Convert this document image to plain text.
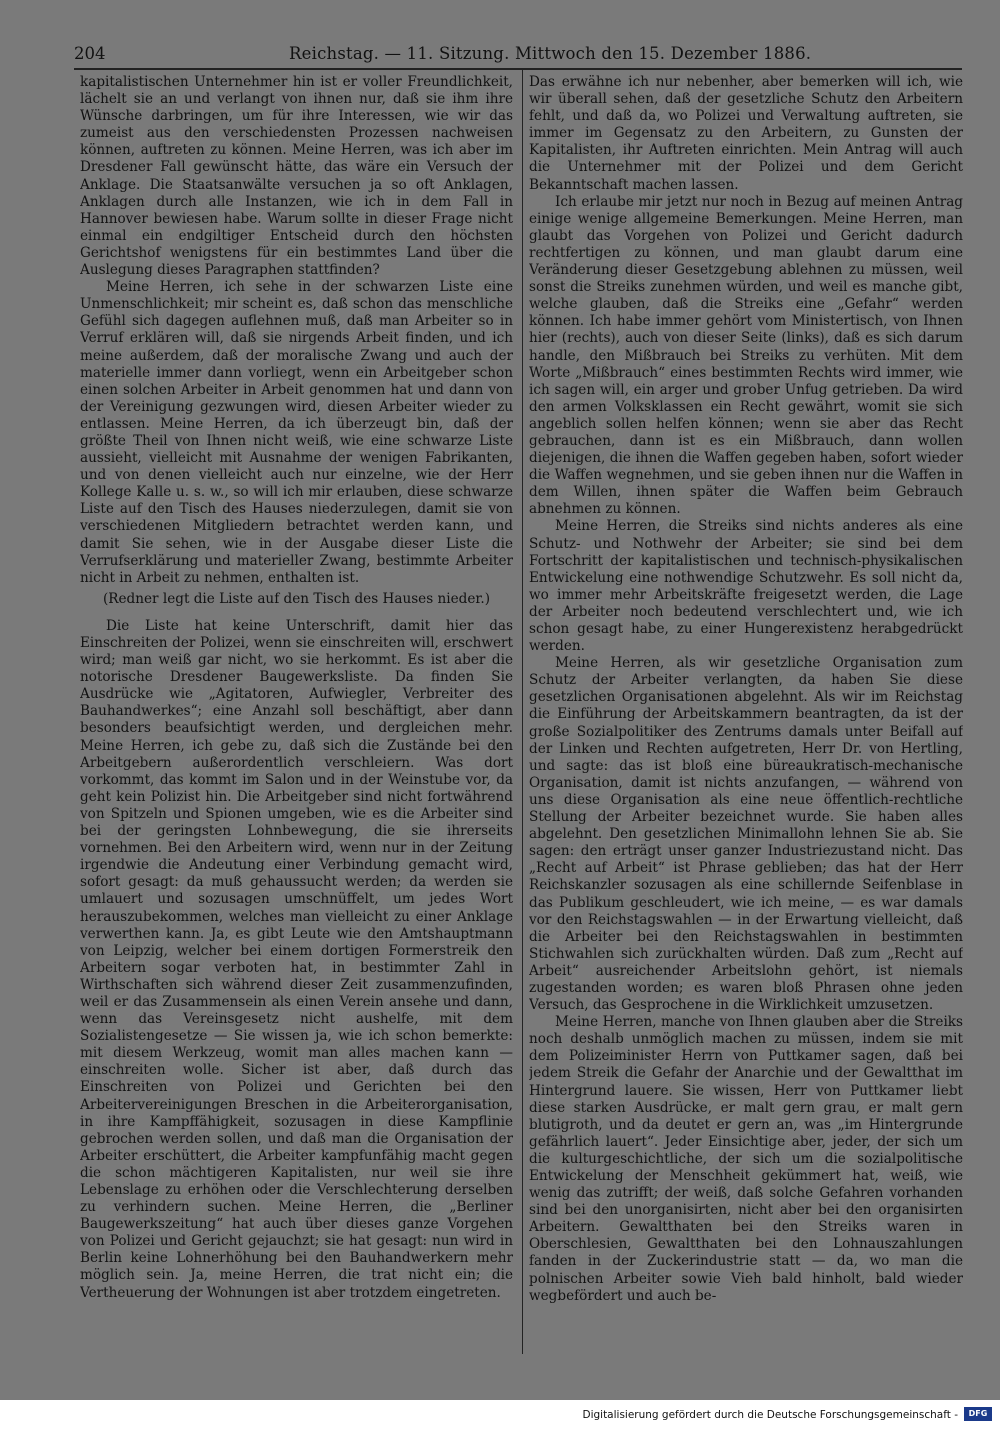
204	Reichstag. — 11. Sitzung. Mittwoch den 15. Dezember 1886.

kapitalistischen Unternehmer hin ist er voller Freundlichkeit, lächelt sie an und verlangt von ihnen nur, daß sie ihm ihre Wünsche darbringen, um für ihre Interessen, wie wir das zumeist aus den verschiedensten Prozessen nachweisen können, auftreten zu können. Meine Herren, was ich aber im Dresdener Fall gewünscht hätte, das wäre ein Versuch der Anklage. Die Staatsanwälte versuchen ja so oft Anklagen, Anklagen durch alle Instanzen, wie ich in dem Fall in Hannover bewiesen habe. Warum sollte in dieser Frage nicht einmal ein endgiltiger Entscheid durch den höchsten Gerichtshof wenigstens für ein bestimmtes Land über die Auslegung dieses Paragraphen stattfinden?

Meine Herren, ich sehe in der schwarzen Liste eine Unmenschlichkeit; mir scheint es, daß schon das menschliche Gefühl sich dagegen auflehnen muß, daß man Arbeiter so in Verruf erklären will, daß sie nirgends Arbeit finden, und ich meine außerdem, daß der moralische Zwang und auch der materielle immer dann vorliegt, wenn ein Arbeitgeber schon einen solchen Arbeiter in Arbeit genommen hat und dann von der Vereinigung gezwungen wird, diesen Arbeiter wieder zu entlassen. Meine Herren, da ich überzeugt bin, daß der größte Theil von Ihnen nicht weiß, wie eine schwarze Liste aussieht, vielleicht mit Ausnahme der wenigen Fabrikanten, und von denen vielleicht auch nur einzelne, wie der Herr Kollege Kalle u. s. w., so will ich mir erlauben, diese schwarze Liste auf den Tisch des Hauses niederzulegen, damit sie von verschiedenen Mitgliedern betrachtet werden kann, und damit Sie sehen, wie in der Ausgabe dieser Liste die Verrufserklärung und materieller Zwang, bestimmte Arbeiter nicht in Arbeit zu nehmen, enthalten ist.

(Redner legt die Liste auf den Tisch des Hauses nieder.)

Die Liste hat keine Unterschrift, damit hier das Einschreiten der Polizei, wenn sie einschreiten will, erschwert wird; man weiß gar nicht, wo sie herkommt. Es ist aber die notorische Dresdener Baugewerksliste. Da finden Sie Ausdrücke wie „Agitatoren, Aufwiegler, Verbreiter des Bauhandwerkes“; eine Anzahl soll beschäftigt, aber dann besonders beaufsichtigt werden, und dergleichen mehr. Meine Herren, ich gebe zu, daß sich die Zustände bei den Arbeitgebern außerordentlich verschleiern. Was dort vorkommt, das kommt im Salon und in der Weinstube vor, da geht kein Polizist hin. Die Arbeitgeber sind nicht fortwährend von Spitzeln und Spionen umgeben, wie es die Arbeiter sind bei der geringsten Lohnbewegung, die sie ihrerseits vornehmen. Bei den Arbeitern wird, wenn nur in der Zeitung irgendwie die Andeutung einer Verbindung gemacht wird, sofort gesagt: da muß gehaussucht werden; da werden sie umlauert und sozusagen umschnüffelt, um jedes Wort herauszubekommen, welches man vielleicht zu einer Anklage verwerthen kann. Ja, es gibt Leute wie den Amtshauptmann von Leipzig, welcher bei einem dortigen Formerstreik den Arbeitern sogar verboten hat, in bestimmter Zahl in Wirthschaften sich während dieser Zeit zusammenzufinden, weil er das Zusammensein als einen Verein ansehe und dann, wenn das Vereinsgesetz nicht aushelfe, mit dem Sozialistengesetze — Sie wissen ja, wie ich schon bemerkte: mit diesem Werkzeug, womit man alles machen kann — einschreiten wolle. Sicher ist aber, daß durch das Einschreiten von Polizei und Gerichten bei den Arbeitervereinigungen Breschen in die Arbeiterorganisation, in ihre Kampffähigkeit, sozusagen in diese Kampflinie gebrochen werden sollen, und daß man die Organisation der Arbeiter erschüttert, die Arbeiter kampfunfähig macht gegen die schon mächtigeren Kapitalisten, nur weil sie ihre Lebenslage zu erhöhen oder die Verschlechterung derselben zu verhindern suchen. Meine Herren, die „Berliner Baugewerkszeitung“ hat auch über dieses ganze Vorgehen von Polizei und Gericht gejauchzt; sie hat gesagt: nun wird in Berlin keine Lohnerhöhung bei den Bauhandwerkern mehr möglich sein. Ja, meine Herren, die trat nicht ein; die Vertheuerung der Wohnungen ist aber trotzdem eingetreten.

Das erwähne ich nur nebenher, aber bemerken will ich, wie wir überall sehen, daß der gesetzliche Schutz den Arbeitern fehlt, und daß da, wo Polizei und Verwaltung auftreten, sie immer im Gegensatz zu den Arbeitern, zu Gunsten der Kapitalisten, ihr Auftreten einrichten. Mein Antrag will auch die Unternehmer mit der Polizei und dem Gericht Bekanntschaft machen lassen.

Ich erlaube mir jetzt nur noch in Bezug auf meinen Antrag einige wenige allgemeine Bemerkungen. Meine Herren, man glaubt das Vorgehen von Polizei und Gericht dadurch rechtfertigen zu können, und man glaubt darum eine Veränderung dieser Gesetzgebung ablehnen zu müssen, weil sonst die Streiks zunehmen würden, und weil es manche gibt, welche glauben, daß die Streiks eine „Gefahr“ werden können. Ich habe immer gehört vom Ministertisch, von Ihnen hier (rechts), auch von dieser Seite (links), daß es sich darum handle, den Mißbrauch bei Streiks zu verhüten. Mit dem Worte „Mißbrauch“ eines bestimmten Rechts wird immer, wie ich sagen will, ein arger und grober Unfug getrieben. Da wird den armen Volksklassen ein Recht gewährt, womit sie sich angeblich sollen helfen können; wenn sie aber das Recht gebrauchen, dann ist es ein Mißbrauch, dann wollen diejenigen, die ihnen die Waffen gegeben haben, sofort wieder die Waffen wegnehmen, und sie geben ihnen nur die Waffen in dem Willen, ihnen später die Waffen beim Gebrauch abnehmen zu können.

Meine Herren, die Streiks sind nichts anderes als eine Schutz- und Nothwehr der Arbeiter; sie sind bei dem Fortschritt der kapitalistischen und technisch-physikalischen Entwickelung eine nothwendige Schutzwehr. Es soll nicht da, wo immer mehr Arbeitskräfte freigesetzt werden, die Lage der Arbeiter noch bedeutend verschlechtert und, wie ich schon gesagt habe, zu einer Hungerexistenz herabgedrückt werden.

Meine Herren, als wir gesetzliche Organisation zum Schutz der Arbeiter verlangten, da haben Sie diese gesetzlichen Organisationen abgelehnt. Als wir im Reichstag die Einführung der Arbeitskammern beantragten, da ist der große Sozialpolitiker des Zentrums damals unter Beifall auf der Linken und Rechten aufgetreten, Herr Dr. von Hertling, und sagte: das ist bloß eine büreaukratisch-mechanische Organisation, damit ist nichts anzufangen, — während von uns diese Organisation als eine neue öffentlich-rechtliche Stellung der Arbeiter bezeichnet wurde. Sie haben alles abgelehnt. Den gesetzlichen Minimallohn lehnen Sie ab. Sie sagen: den erträgt unser ganzer Industriezustand nicht. Das „Recht auf Arbeit“ ist Phrase geblieben; das hat der Herr Reichskanzler sozusagen als eine schillernde Seifenblase in das Publikum geschleudert, wie ich meine, — es war damals vor den Reichstagswahlen — in der Erwartung vielleicht, daß die Arbeiter bei den Reichstagswahlen in bestimmten Stichwahlen sich zurückhalten würden. Daß zum „Recht auf Arbeit“ ausreichender Arbeitslohn gehört, ist niemals zugestanden worden; es waren bloß Phrasen ohne jeden Versuch, das Gesprochene in die Wirklichkeit umzusetzen.

Meine Herren, manche von Ihnen glauben aber die Streiks noch deshalb unmöglich machen zu müssen, indem sie mit dem Polizeiminister Herrn von Puttkamer sagen, daß bei jedem Streik die Gefahr der Anarchie und der Gewaltthat im Hintergrund lauere. Sie wissen, Herr von Puttkamer liebt diese starken Ausdrücke, er malt gern grau, er malt gern blutigroth, und da deutet er gern an, was „im Hintergrunde gefährlich lauert“. Jeder Einsichtige aber, jeder, der sich um die kulturgeschichtliche, der sich um die sozialpolitische Entwickelung der Menschheit gekümmert hat, weiß, wie wenig das zutrifft; der weiß, daß solche Gefahren vorhanden sind bei den unorganisirten, nicht aber bei den organisirten Arbeitern. Gewaltthaten bei den Streiks waren in Oberschlesien, Gewaltthaten bei den Lohnauszahlungen fanden in der Zuckerindustrie statt — da, wo man die polnischen Arbeiter sowie Vieh bald hinholt, bald wieder wegbefördert und auch be-

Digitalisierung gefördert durch die Deutsche Forschungsgemeinschaft -	DFG
